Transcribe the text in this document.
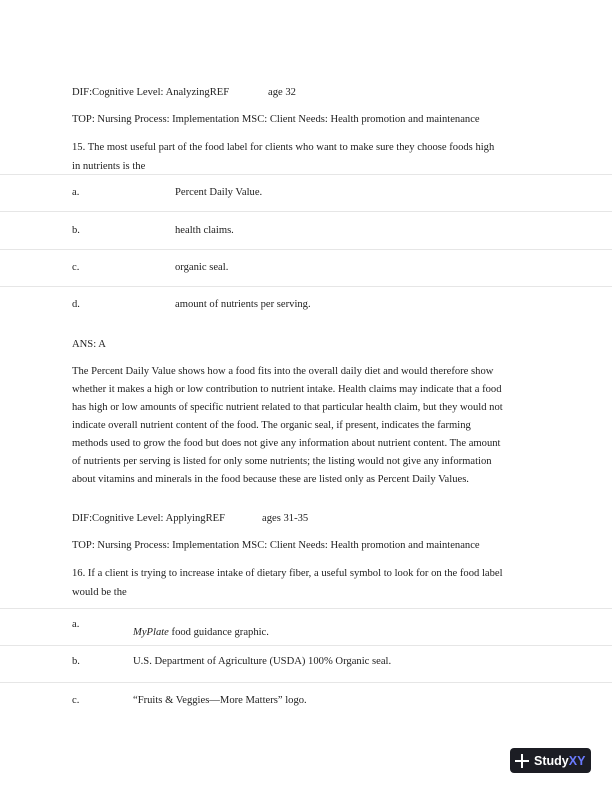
DIF:Cognitive Level: AnalyzingREF	age 32
TOP: Nursing Process: Implementation MSC: Client Needs: Health promotion and maintenance
15. The most useful part of the food label for clients who want to make sure they choose foods high
in nutrients is the
a.	Percent Daily Value.
b.	health claims.
c.	organic seal.
d.	amount of nutrients per serving.
ANS: A
The Percent Daily Value shows how a food fits into the overall daily diet and would therefore show
whether it makes a high or low contribution to nutrient intake. Health claims may indicate that a food
has high or low amounts of specific nutrient related to that particular health claim, but they would not
indicate overall nutrient content of the food. The organic seal, if present, indicates the farming
methods used to grow the food but does not give any information about nutrient content. The amount
of nutrients per serving is listed for only some nutrients; the listing would not give any information
about vitamins and minerals in the food because these are listed only as Percent Daily Values.
DIF:Cognitive Level: ApplyingREF	ages 31-35
TOP: Nursing Process: Implementation MSC: Client Needs: Health promotion and maintenance
16. If a client is trying to increase intake of dietary fiber, a useful symbol to look for on the food label
would be the
a.
MyPlate food guidance graphic.
b.	U.S. Department of Agriculture (USDA) 100% Organic seal.
c.	“Fruits & Veggies—More Matters” logo.
Study XY
